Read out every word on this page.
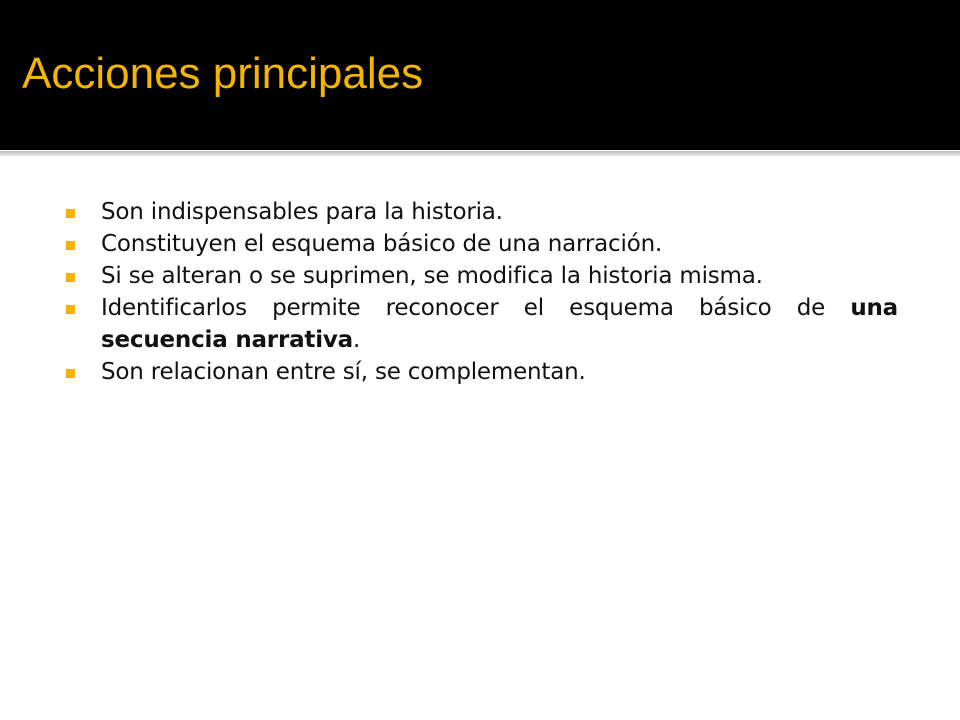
Acciones principales
Son indispensables para la historia.
Constituyen el esquema básico de una narración.
Si se alteran o se suprimen, se modifica la historia misma.
Identificarlos permite reconocer el esquema básico de una secuencia narrativa.
Son relacionan entre sí, se complementan.
